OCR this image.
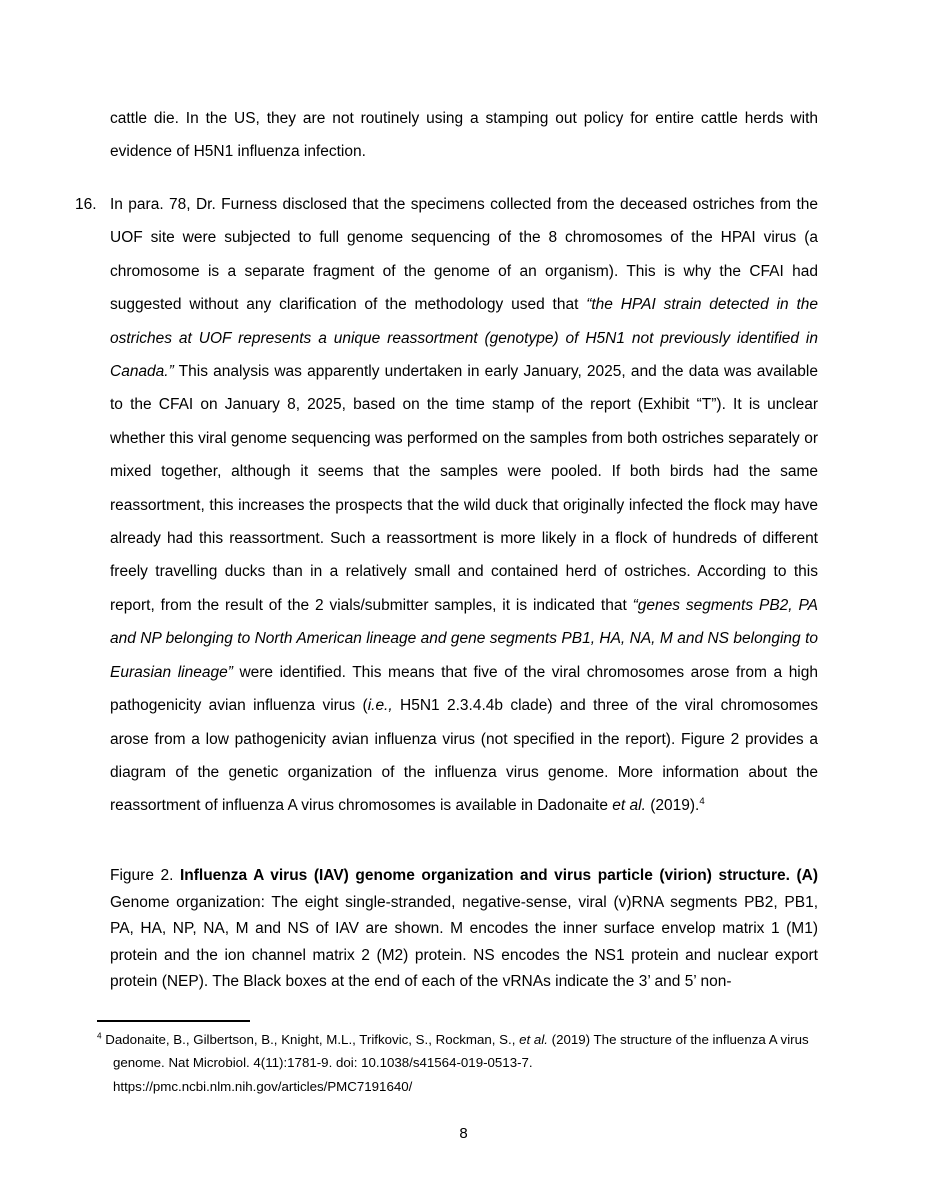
cattle die. In the US, they are not routinely using a stamping out policy for entire cattle herds with evidence of H5N1 influenza infection.

16. In para. 78, Dr. Furness disclosed that the specimens collected from the deceased ostriches from the UOF site were subjected to full genome sequencing of the 8 chromosomes of the HPAI virus (a chromosome is a separate fragment of the genome of an organism). This is why the CFAI had suggested without any clarification of the methodology used that “the HPAI strain detected in the ostriches at UOF represents a unique reassortment (genotype) of H5N1 not previously identified in Canada.” This analysis was apparently undertaken in early January, 2025, and the data was available to the CFAI on January 8, 2025, based on the time stamp of the report (Exhibit “T”). It is unclear whether this viral genome sequencing was performed on the samples from both ostriches separately or mixed together, although it seems that the samples were pooled. If both birds had the same reassortment, this increases the prospects that the wild duck that originally infected the flock may have already had this reassortment. Such a reassortment is more likely in a flock of hundreds of different freely travelling ducks than in a relatively small and contained herd of ostriches. According to this report, from the result of the 2 vials/submitter samples, it is indicated that “genes segments PB2, PA and NP belonging to North American lineage and gene segments PB1, HA, NA, M and NS belonging to Eurasian lineage” were identified. This means that five of the viral chromosomes arose from a high pathogenicity avian influenza virus (i.e., H5N1 2.3.4.4b clade) and three of the viral chromosomes arose from a low pathogenicity avian influenza virus (not specified in the report). Figure 2 provides a diagram of the genetic organization of the influenza virus genome. More information about the reassortment of influenza A virus chromosomes is available in Dadonaite et al. (2019).$^4$

Figure 2. Influenza A virus (IAV) genome organization and virus particle (virion) structure. (A) Genome organization: The eight single-stranded, negative-sense, viral (v)RNA segments PB2, PB1, PA, HA, NP, NA, M and NS of IAV are shown. M encodes the inner surface envelop matrix 1 (M1) protein and the ion channel matrix 2 (M2) protein. NS encodes the NS1 protein and nuclear export protein (NEP). The Black boxes at the end of each of the vRNAs indicate the 3’ and 5’ non-

$^4$ Dadonaite, B., Gilbertson, B., Knight, M.L., Trifkovic, S., Rockman, S., et al. (2019) The structure of the influenza A virus genome. Nat Microbiol. 4(11):1781-9. doi: 10.1038/s41564-019-0513-7. https://pmc.ncbi.nlm.nih.gov/articles/PMC7191640/

8
